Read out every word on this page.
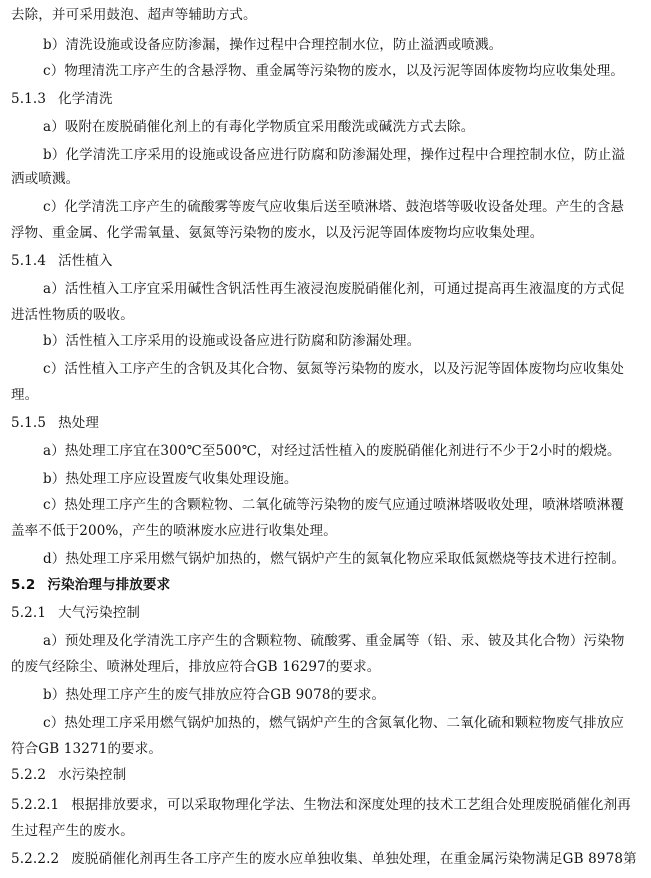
去除，并可采用鼓泡、超声等辅助方式。
b）清洗设施或设备应防渗漏，操作过程中合理控制水位，防止溢洒或喷溅。
c）物理清洗工序产生的含悬浮物、重金属等污染物的废水，以及污泥等固体废物均应收集处理。
5.1.3 化学清洗
a）吸附在废脱硝催化剂上的有毒化学物质宜采用酸洗或碱洗方式去除。
b）化学清洗工序采用的设施或设备应进行防腐和防渗漏处理，操作过程中合理控制水位，防止溢
洒或喷溅。
c）化学清洗工序产生的硫酸雾等废气应收集后送至喷淋塔、鼓泡塔等吸收设备处理。产生的含悬
浮物、重金属、化学需氧量、氨氮等污染物的废水，以及污泥等固体废物均应收集处理。
5.1.4 活性植入
a）活性植入工序宜采用碱性含钒活性再生液浸泡废脱硝催化剂，可通过提高再生液温度的方式促
进活性物质的吸收。
b）活性植入工序采用的设施或设备应进行防腐和防渗漏处理。
c）活性植入工序产生的含钒及其化合物、氨氮等污染物的废水，以及污泥等固体废物均应收集处
理。
5.1.5 热处理
a）热处理工序宜在300℃至500℃，对经过活性植入的废脱硝催化剂进行不少于2小时的煅烧。
b）热处理工序应设置废气收集处理设施。
c）热处理工序产生的含颗粒物、二氧化硫等污染物的废气应通过喷淋塔吸收处理，喷淋塔喷淋覆
盖率不低于200%，产生的喷淋废水应进行收集处理。
d）热处理工序采用燃气锅炉加热的，燃气锅炉产生的氮氧化物应采取低氮燃烧等技术进行控制。
5.2 污染治理与排放要求
5.2.1 大气污染控制
a）预处理及化学清洗工序产生的含颗粒物、硫酸雾、重金属等（铅、汞、铍及其化合物）污染物
的废气经除尘、喷淋处理后，排放应符合GB 16297的要求。
b）热处理工序产生的废气排放应符合GB 9078的要求。
c）热处理工序采用燃气锅炉加热的，燃气锅炉产生的含氮氧化物、二氧化硫和颗粒物废气排放应
符合GB 13271的要求。
5.2.2 水污染控制
5.2.2.1 根据排放要求，可以采取物理化学法、生物法和深度处理的技术工艺组合处理废脱硝催化剂再
生过程产生的废水。
5.2.2.2 废脱硝催化剂再生各工序产生的废水应单独收集、单独处理，在重金属污染物满足GB 8978第
